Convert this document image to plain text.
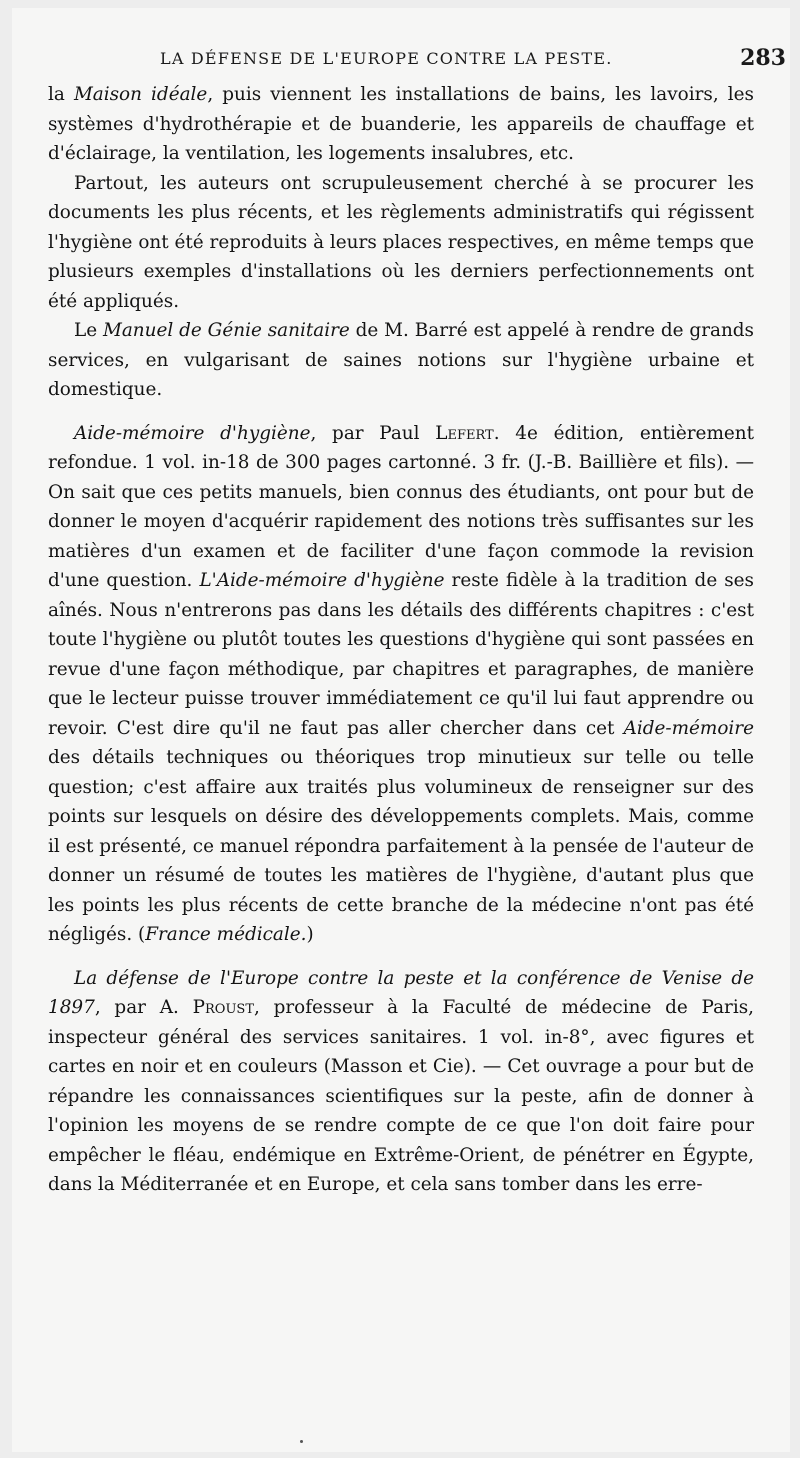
LA DÉFENSE DE L'EUROPE CONTRE LA PESTE.	283

la Maison idéale, puis viennent les installations de bains, les lavoirs, les systèmes d'hydrothérapie et de buanderie, les appareils de chauffage et d'éclairage, la ventilation, les logements insalubres, etc.

Partout, les auteurs ont scrupuleusement cherché à se procurer les documents les plus récents, et les règlements administratifs qui régissent l'hygiène ont été reproduits à leurs places respectives, en même temps que plusieurs exemples d'installations où les derniers perfectionnements ont été appliqués.

Le Manuel de Génie sanitaire de M. Barré est appelé à rendre de grands services, en vulgarisant de saines notions sur l'hygiène urbaine et domestique.

Aide-mémoire d'hygiène, par Paul Lefert. 4e édition, entièrement refondue. 1 vol. in-18 de 300 pages cartonné. 3 fr. (J.-B. Baillière et fils). — On sait que ces petits manuels, bien connus des étudiants, ont pour but de donner le moyen d'acquérir rapidement des notions très suffisantes sur les matières d'un examen et de faciliter d'une façon commode la revision d'une question. L'Aide-mémoire d'hygiène reste fidèle à la tradition de ses aînés. Nous n'entrerons pas dans les détails des différents chapitres : c'est toute l'hygiène ou plutôt toutes les questions d'hygiène qui sont passées en revue d'une façon méthodique, par chapitres et paragraphes, de manière que le lecteur puisse trouver immédiatement ce qu'il lui faut apprendre ou revoir. C'est dire qu'il ne faut pas aller chercher dans cet Aide-mémoire des détails techniques ou théoriques trop minutieux sur telle ou telle question; c'est affaire aux traités plus volumineux de renseigner sur des points sur lesquels on désire des développements complets. Mais, comme il est présenté, ce manuel répondra parfaitement à la pensée de l'auteur de donner un résumé de toutes les matières de l'hygiène, d'autant plus que les points les plus récents de cette branche de la médecine n'ont pas été négligés. (France médicale.)

La défense de l'Europe contre la peste et la conférence de Venise de 1897, par A. Proust, professeur à la Faculté de médecine de Paris, inspecteur général des services sanitaires. 1 vol. in-8°, avec figures et cartes en noir et en couleurs (Masson et Cie). — Cet ouvrage a pour but de répandre les connaissances scientifiques sur la peste, afin de donner à l'opinion les moyens de se rendre compte de ce que l'on doit faire pour empêcher le fléau, endémique en Extrême-Orient, de pénétrer en Égypte, dans la Méditerranée et en Europe, et cela sans tomber dans les erre-
